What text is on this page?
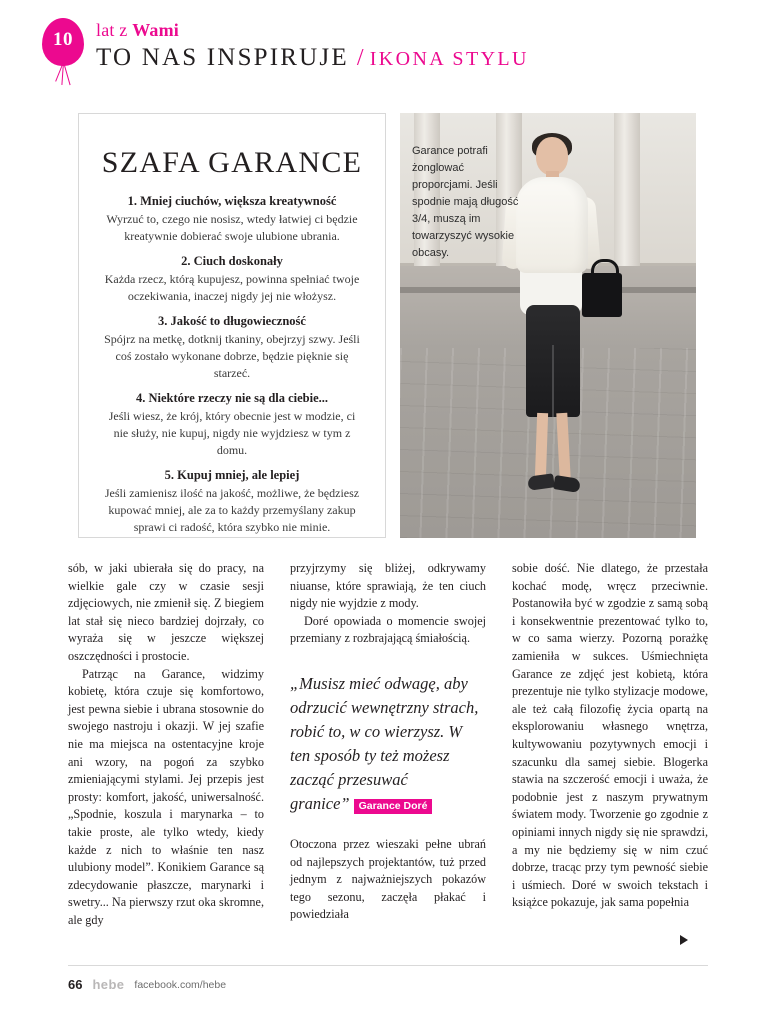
10	lat z Wami
TO NAS INSPIRUJE / IKONA STYLU
SZAFA GARANCE
1. Mniej ciuchów, większa kreatywność
Wyrzuć to, czego nie nosisz, wtedy łatwiej ci będzie kreatywnie dobierać swoje ulubione ubrania.
2. Ciuch doskonały
Każda rzecz, którą kupujesz, powinna spełniać twoje oczekiwania, inaczej nigdy jej nie włożysz.
3. Jakość to długowieczność
Spójrz na metkę, dotknij tkaniny, obejrzyj szwy. Jeśli coś zostało wykonane dobrze, będzie pięknie się starzeć.
4. Niektóre rzeczy nie są dla ciebie...
Jeśli wiesz, że krój, który obecnie jest w modzie, ci nie służy, nie kupuj, nigdy nie wyjdziesz w tym z domu.
5. Kupuj mniej, ale lepiej
Jeśli zamienisz ilość na jakość, możliwe, że będziesz kupować mniej, ale za to każdy przemyślany zakup sprawi ci radość, która szybko nie minie.
Garance potrafi żonglować proporcjami. Jeśli spodnie mają długość 3/4, muszą im towarzyszyć wysokie obcasy.

sób, w jaki ubierała się do pracy, na wielkie gale czy w czasie sesji zdjęciowych, nie zmienił się. Z biegiem lat stał się nieco bardziej dojrzały, co wyraża się w jeszcze większej oszczędności i prostocie.

Patrząc na Garance, widzimy kobietę, która czuje się komfortowo, jest pewna siebie i ubrana stosownie do swojego nastroju i okazji. W jej szafie nie ma miejsca na ostentacyjne kroje ani wzory, na pogoń za szybko zmieniającymi stylami. Jej przepis jest prosty: komfort, jakość, uniwersalność. „Spodnie, koszula i marynarka – to takie proste, ale tylko wtedy, kiedy każde z nich to właśnie ten nasz ulubiony model”. Konikiem Garance są zdecydowanie płaszcze, marynarki i swetry... Na pierwszy rzut oka skromne, ale gdy

przyjrzymy się bliżej, odkrywamy niuanse, które sprawiają, że ten ciuch nigdy nie wyjdzie z mody.

Doré opowiada o momencie swojej przemiany z rozbrajającą śmiałością.

„Musisz mieć odwagę, aby odrzucić wewnętrzny strach, robić to, w co wierzysz. W ten sposób ty też możesz zacząć przesuwać granice” Garance Doré

Otoczona przez wieszaki pełne ubrań od najlepszych projektantów, tuż przed jednym z najważniejszych pokazów tego sezonu, zaczęła płakać i powiedziała

sobie dość. Nie dlatego, że przestała kochać modę, wręcz przeciwnie. Postanowiła być w zgodzie z samą sobą i konsekwentnie prezentować tylko to, w co sama wierzy. Pozorną porażkę zamieniła w sukces. Uśmiechnięta Garance ze zdjęć jest kobietą, która prezentuje nie tylko stylizacje modowe, ale też całą filozofię życia opartą na eksplorowaniu własnego wnętrza, kultywowaniu pozytywnych emocji i szacunku dla samej siebie. Blogerka stawia na szczerość emocji i uważa, że podobnie jest z naszym prywatnym światem mody. Tworzenie go zgodnie z opiniami innych nigdy się nie sprawdzi, a my nie będziemy się w nim czuć dobrze, tracąc przy tym pewność siebie i uśmiech. Doré w swoich tekstach i książce pokazuje, jak sama popełnia

66 hebe facebook.com/hebe
